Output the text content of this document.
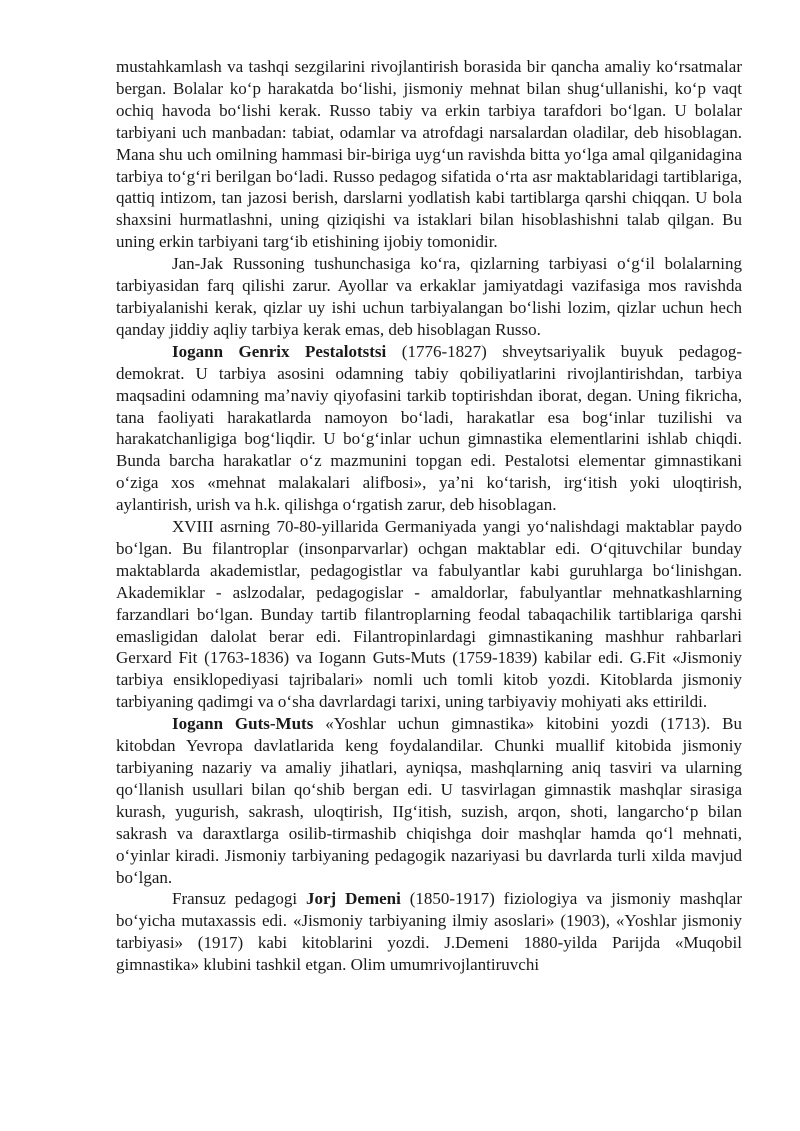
mustahkamlash va tashqi sezgilarini rivojlantirish borasida bir qancha amaliy koʻrsatmalar bergan. Bolalar koʻp harakatda boʻlishi, jismoniy mehnat bilan shugʻullanishi, koʻp vaqt ochiq havoda boʻlishi kerak. Russo tabiy va erkin tarbiya tarafdori boʻlgan. U bolalar tarbiyani uch manbadan: tabiat, odamlar va atrofdagi narsalardan oladilar, deb hisoblagan. Mana shu uch omilning hammasi bir-biriga uygʻun ravishda bitta yoʻlga amal qilganidagina tarbiya toʻgʻri berilgan boʻladi. Russo pedagog sifatida oʻrta asr maktablaridagi tartiblariga, qattiq intizom, tan jazosi berish, darslarni yodlatish kabi tartiblarga qarshi chiqqan. U bola shaxsini hurmatlashni, uning qiziqishi va istaklari bilan hisoblashishni talab qilgan. Bu uning erkin tarbiyani targʻib etishining ijobiy tomonidir.

Jan-Jak Russoning tushunchasiga koʻra, qizlarning tarbiyasi oʻgʻil bolalarning tarbiyasidan farq qilishi zarur. Ayollar va erkaklar jamiyatdagi vazifasiga mos ravishda tarbiyalanishi kerak, qizlar uy ishi uchun tarbiyalangan boʻlishi lozim, qizlar uchun hech qanday jiddiy aqliy tarbiya kerak emas, deb hisoblagan Russo.

Iogann Genrix Pestalotstsi (1776-1827) shveytsariyalik buyuk pedagog-demokrat. U tarbiya asosini odamning tabiy qobiliyatlarini rivojlantirishdan, tarbiya maqsadini odamning maʼnaviy qiyofasini tarkib toptirishdan iborat, degan. Uning fikricha, tana faoliyati harakatlarda namoyon boʻladi, harakatlar esa bogʻinlar tuzilishi va harakatchanligiga bogʻliqdir. U boʻgʻinlar uchun gimnastika elementlarini ishlab chiqdi. Bunda barcha harakatlar oʻz mazmunini topgan edi. Pestalotsi elementar gimnastikani oʻziga xos «mehnat malakalari alifbosi», yaʼni koʻtarish, irgʻitish yoki uloqtirish, aylantirish, urish va h.k. qilishga oʻrgatish zarur, deb hisoblagan.

XVIII asrning 70-80-yillarida Germaniyada yangi yoʻnalishdagi maktablar paydo boʻlgan. Bu filantroplar (insonparvarlar) ochgan maktablar edi. Oʻqituvchilar bunday maktablarda akademistlar, pedagogistlar va fabulyantlar kabi guruhlarga boʻlinishgan. Akademiklar - aslzodalar, pedagogislar - amaldorlar, fabulyantlar mehnatkashlarning farzandlari boʻlgan. Bunday tartib filantroplarning feodal tabaqachilik tartiblariga qarshi emasligidan dalolat berar edi. Filantropinlardagi gimnastikaning mashhur rahbarlari Gerxard Fit (1763-1836) va Iogann Guts-Muts (1759-1839) kabilar edi. G.Fit «Jismoniy tarbiya ensiklopediyasi tajribalari» nomli uch tomli kitob yozdi. Kitoblarda jismoniy tarbiyaning qadimgi va oʻsha davrlardagi tarixi, uning tarbiyaviy mohiyati aks ettirildi.

Iogann Guts-Muts «Yoshlar uchun gimnastika» kitobini yozdi (1713). Bu kitobdan Yevropa davlatlarida keng foydalandilar. Chunki muallif kitobida jismoniy tarbiyaning nazariy va amaliy jihatlari, ayniqsa, mashqlarning aniq tasviri va ularning qoʻllanish usullari bilan qoʻshib bergan edi. U tasvirlagan gimnastik mashqlar sirasiga kurash, yugurish, sakrash, uloqtirish, IIgʻitish, suzish, arqon, shoti, langarchoʻp bilan sakrash va daraxtlarga osilib-tirmashib chiqishga doir mashqlar hamda qoʻl mehnati, oʻyinlar kiradi. Jismoniy tarbiyaning pedagogik nazariyasi bu davrlarda turli xilda mavjud boʻlgan.

Fransuz pedagogi Jorj Demeni (1850-1917) fiziologiya va jismoniy mashqlar boʻyicha mutaxassis edi. «Jismoniy tarbiyaning ilmiy asoslari» (1903), «Yoshlar jismoniy tarbiyasi» (1917) kabi kitoblarini yozdi. J.Demeni 1880-yilda Parijda «Muqobil gimnastika» klubini tashkil etgan. Olim umumrivojlantiruvchi
